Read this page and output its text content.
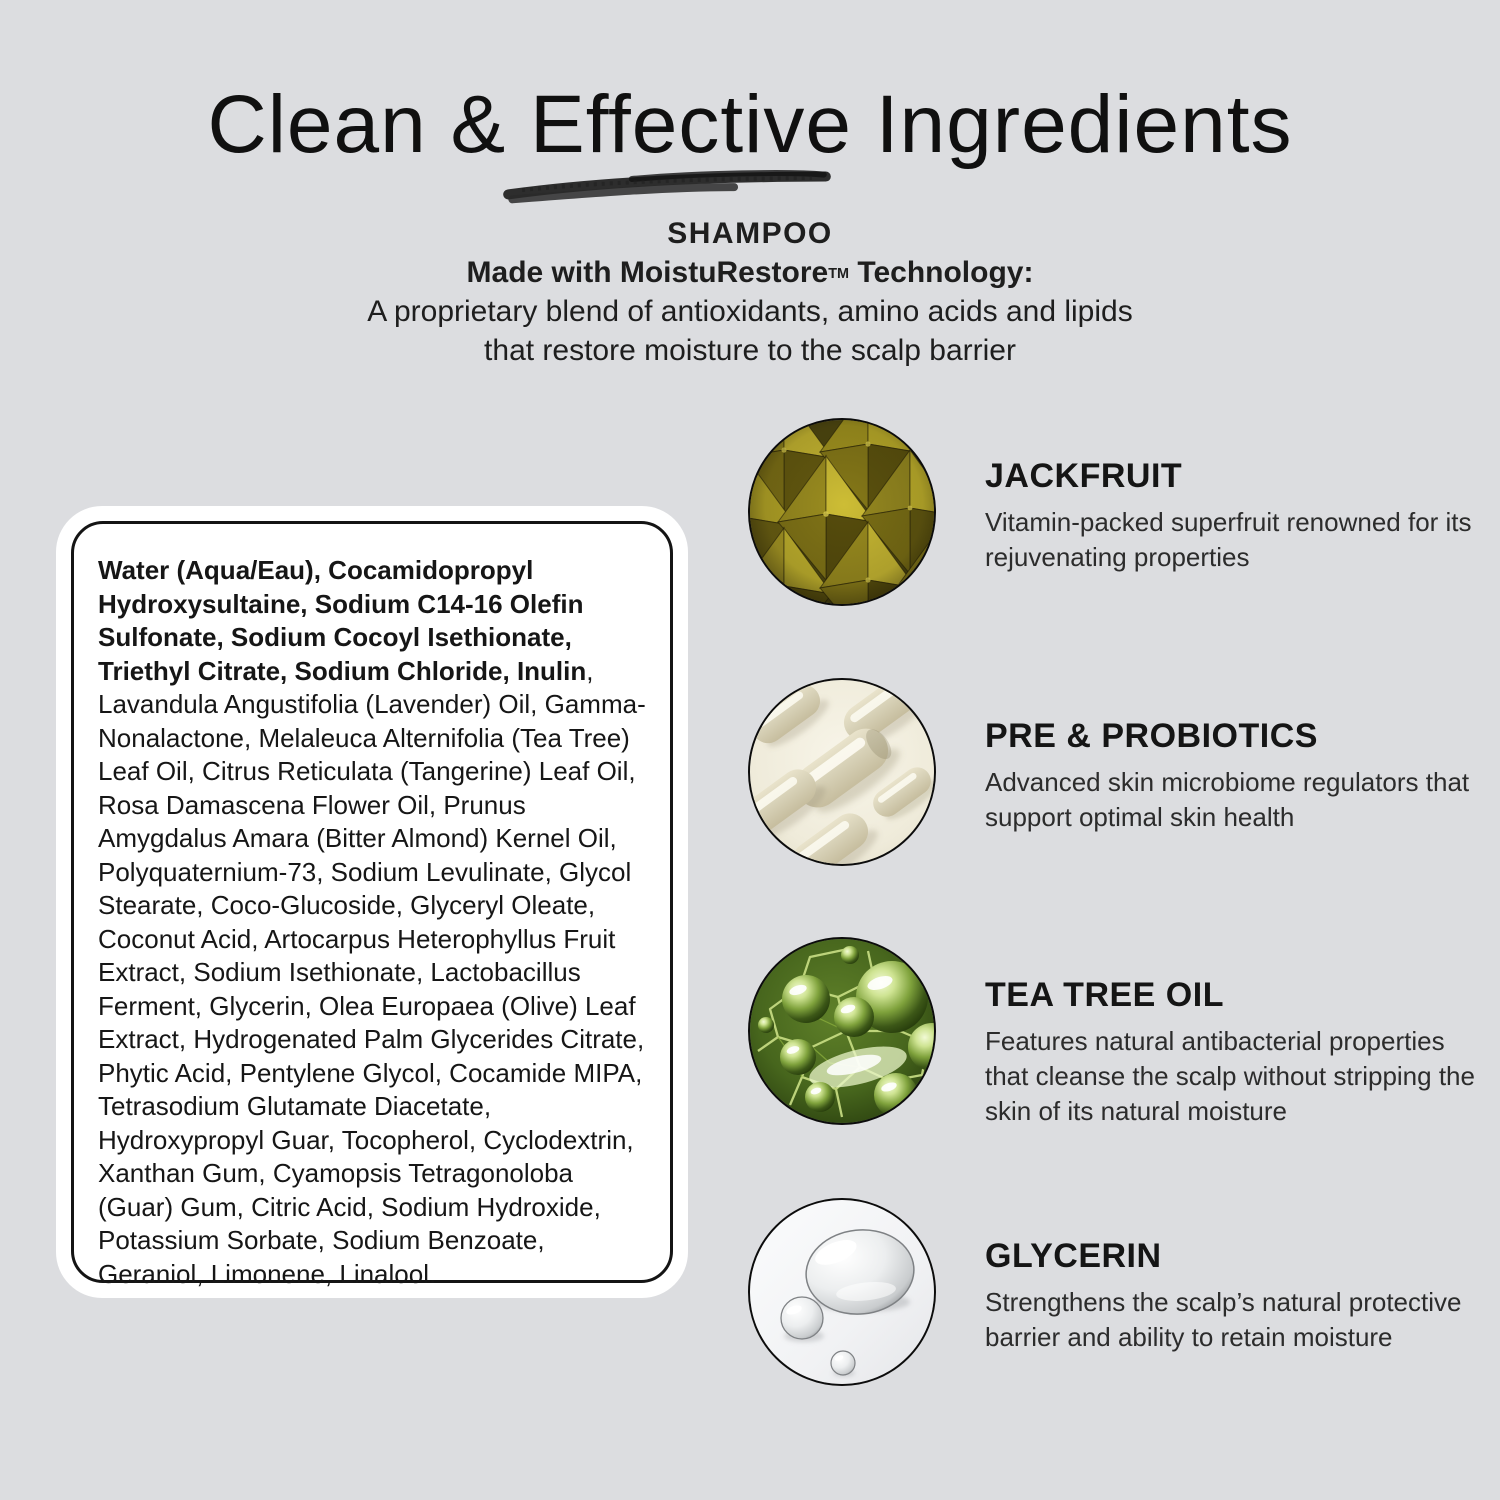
Clean & Effective Ingredients
SHAMPOO
Made with MoistuRestore™ Technology:
A proprietary blend of antioxidants, amino acids and lipids
that restore moisture to the scalp barrier

Water (Aqua/Eau), Cocamidopropyl Hydroxysultaine, Sodium C14-16 Olefin Sulfonate, Sodium Cocoyl Isethionate, Triethyl Citrate, Sodium Chloride, Inulin, Lavandula Angustifolia (Lavender) Oil, Gamma-Nonalactone, Melaleuca Alternifolia (Tea Tree) Leaf Oil, Citrus Reticulata (Tangerine) Leaf Oil, Rosa Damascena Flower Oil, Prunus Amygdalus Amara (Bitter Almond) Kernel Oil, Polyquaternium-73, Sodium Levulinate, Glycol Stearate, Coco-Glucoside, Glyceryl Oleate, Coconut Acid, Artocarpus Heterophyllus Fruit Extract, Sodium Isethionate, Lactobacillus Ferment, Glycerin, Olea Europaea (Olive) Leaf Extract, Hydrogenated Palm Glycerides Citrate, Phytic Acid, Pentylene Glycol, Cocamide MIPA, Tetrasodium Glutamate Diacetate, Hydroxypropyl Guar, Tocopherol, Cyclodextrin, Xanthan Gum, Cyamopsis Tetragonoloba (Guar) Gum, Citric Acid, Sodium Hydroxide, Potassium Sorbate, Sodium Benzoate, Geraniol, Limonene, Linalool.

JACKFRUIT

Vitamin-packed superfruit renowned for its rejuvenating properties

PRE & PROBIOTICS

Advanced skin microbiome regulators that support optimal skin health

TEA TREE OIL

Features natural antibacterial properties that cleanse the scalp without stripping the skin of its natural moisture

GLYCERIN

Strengthens the scalp’s natural protective barrier and ability to retain moisture
